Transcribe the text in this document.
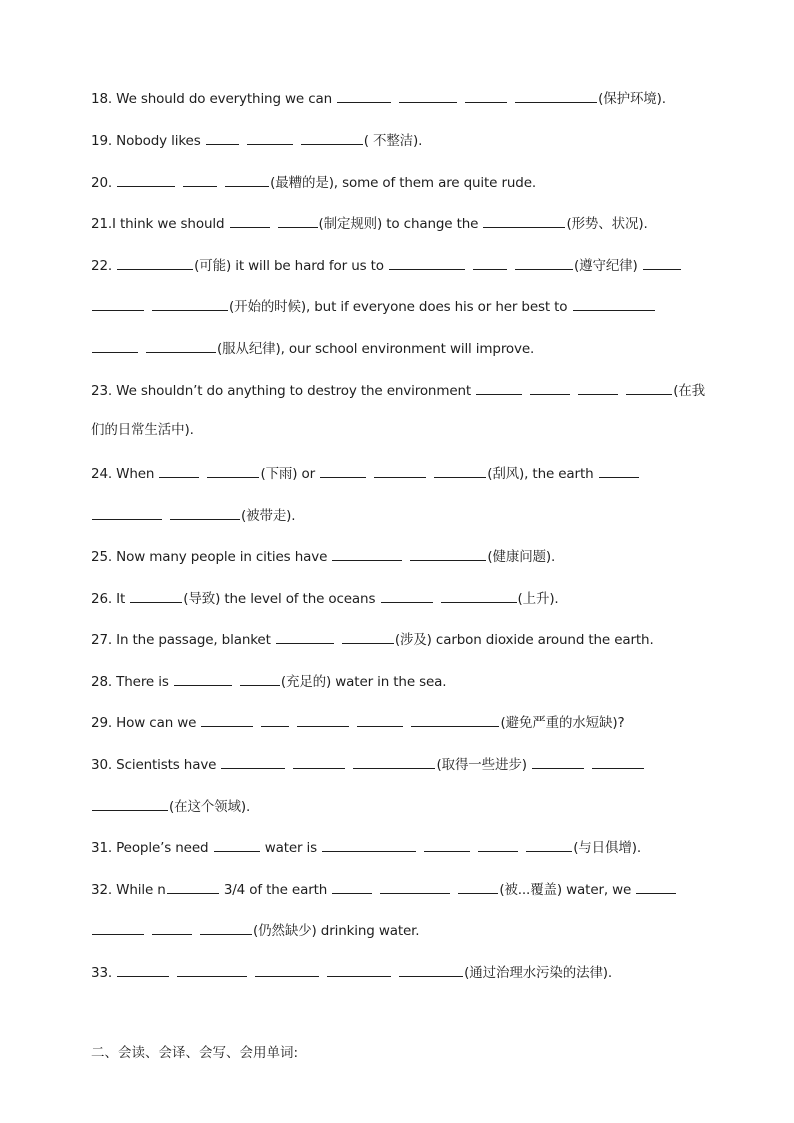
18. We should do everything we can	(保护环境).
19. Nobody likes	( 不整洁).
20.	(最糟的是), some of them are quite rude.
21.I think we should	(制定规则) to change the	(形势、状况).
22.	(可能) it will be hard for us to	(遵守纪律)
(开始的时候), but if everyone does his or her best to
(服从纪律), our school environment will improve.
23. We shouldn’t do anything to destroy the environment	(在我
们的日常生活中).
24. When	(下雨) or	(刮风), the earth
(被带走).
25. Now many people in cities have	(健康问题).
26. It	(导致) the level of the oceans	(上升).
27. In the passage, blanket	(涉及) carbon dioxide around the earth.
28. There is	(充足的) water in the sea.
29. How can we	(避免严重的水短缺)?
30. Scientists have	(取得一些进步)
(在这个领域).
31. People’s need	water is	(与日俱增).
32. While n	3/4 of the earth	(被...覆盖) water, we
(仍然缺少) drinking water.
33.	(通过治理水污染的法律).
二、会读、会译、会写、会用单词:
